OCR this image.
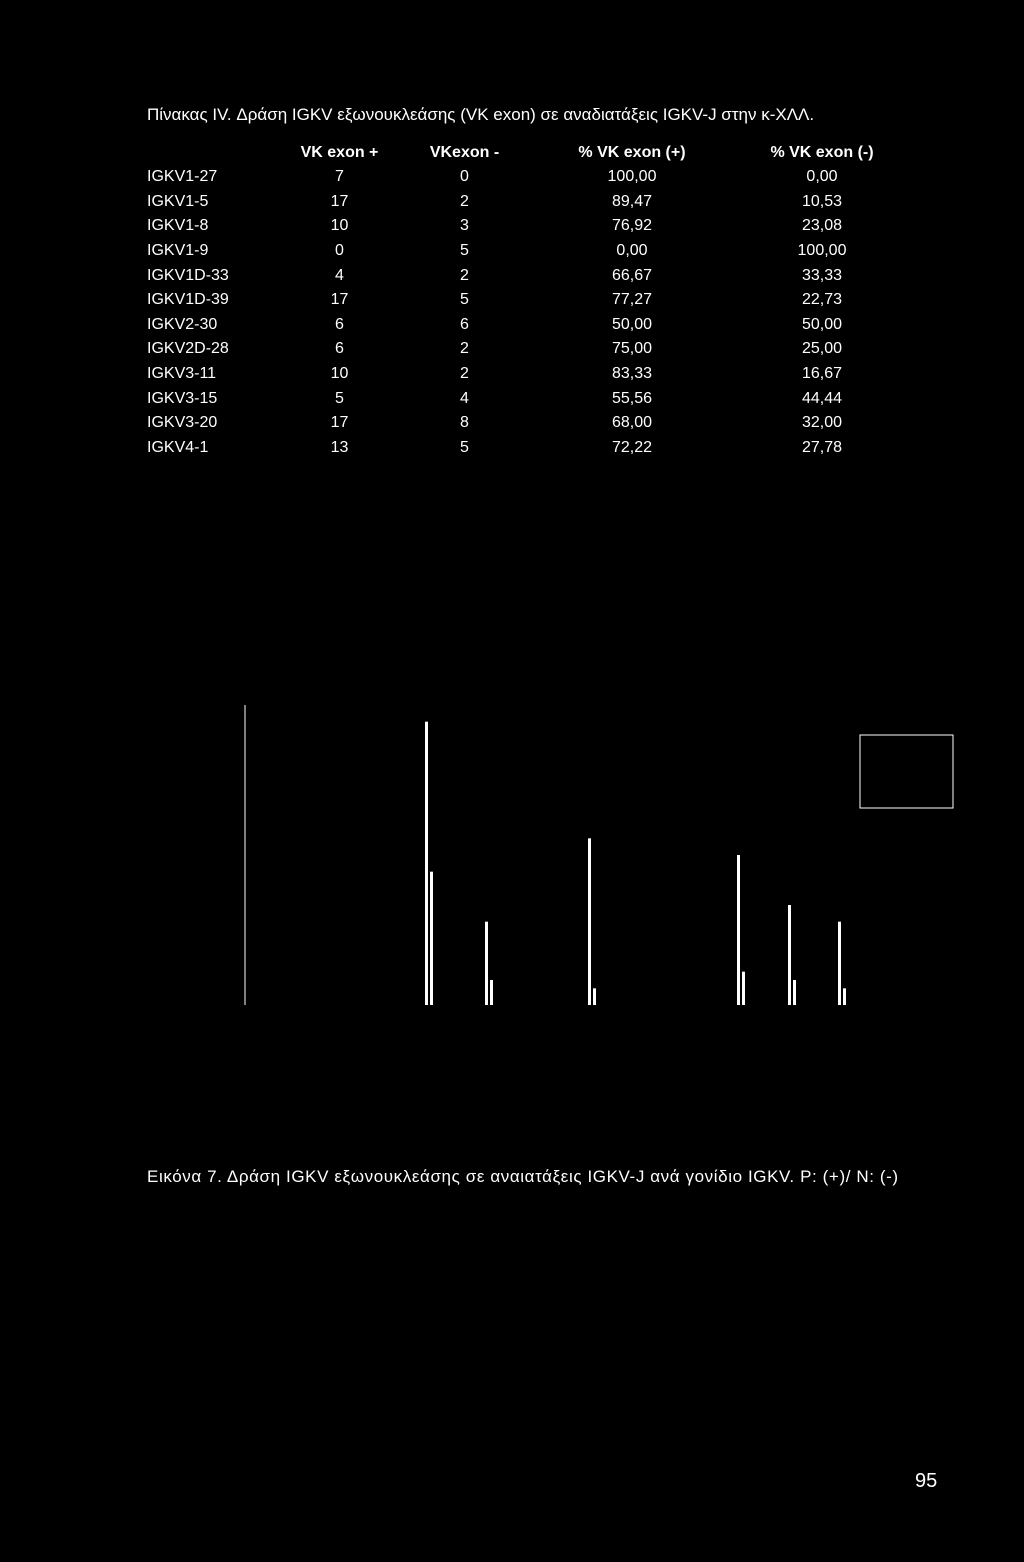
Πίνακας IV. Δράση IGKV εξωνουκλεάσης (VK exon) σε αναδιατάξεις IGKV-J στην κ-ΧΛΛ.
	VK exon +	VKexon -	% VK exon (+)	% VK exon (-)
IGKV1-27	7	0	100,00	0,00
IGKV1-5	17	2	89,47	10,53
IGKV1-8	10	3	76,92	23,08
IGKV1-9	0	5	0,00	100,00
IGKV1D-33	4	2	66,67	33,33
IGKV1D-39	17	5	77,27	22,73
IGKV2-30	6	6	50,00	50,00
IGKV2D-28	6	2	75,00	25,00
IGKV3-11	10	2	83,33	16,67
IGKV3-15	5	4	55,56	44,44
IGKV3-20	17	8	68,00	32,00
IGKV4-1	13	5	72,22	27,78
Εικόνα 7. Δράση IGKV εξωνουκλεάσης σε αναιατάξεις IGKV-J ανά γονίδιο IGKV. P: (+)/ N: (-)
95
